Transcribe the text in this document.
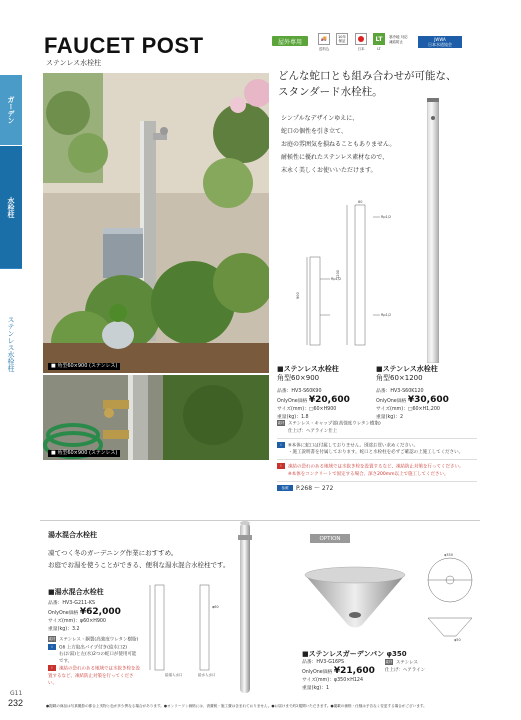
FAUCET POST
ステンレス水栓柱
屋外専用	🚚
送料込
10年
保証
日本
LT
LT
寒冷地 対応
凍結防止	JWWA
日本水道協会
ガーデン
水栓柱
ステンレス水栓柱	■ 角型60×900 (ステンレス)
■ 角型60×900 (ステンレス)
どんな蛇口とも組み合わせが可能な、
スタンダード水栓柱。
シンプルなデザインゆえに、
蛇口の個性を引き立て、
お庭の雰囲気を損ねることもありません。
耐候性に優れたステンレス素材なので、
末永く美しくお使いいただけます。
900
1200
Rp1/2
Rp1/2
Rp1/2
60
■ステンレス水栓柱
角型60×900
品番：HV3-S60K90
OnlyOne価格 ¥20,600
サイズ(mm)：□60×H900
重量(kg)：1.8
■ステンレス水栓柱
角型60×1200
品番：HV3-S60K120
OnlyOne価格 ¥30,600
サイズ(mm)：□60×H1,200
重量(kg)：2
素材 ステンレス・キャップ部(高強度ウレタン樹脂)
仕上げ：ヘアライン仕上
i ※本体に蛇口は付属しておりません。別途お買い求めください。
・施工説明書を付属しております。蛇口と水栓柱を必ずご確認の上施工してください。
! 凍結の恐れのある地域では水抜き栓を設置するなど、凍結防止対策を行ってください。
※本体をコンクリートで固定する場合、深さ200mm以上で施工してください。
参照 P.268 ～ 272
湯水混合水栓柱
凍てつく冬のガーデニング作業におすすめ。
お庭でお湯を使うことができる、便利な湯水混合水栓柱です。
■湯水混合水栓柱
品番：HV3-G211-KS
OnlyOne価格 ¥62,000
サイズ(mm)：φ60×H900
重量(kg)：3.2
素材 ステンレス・銅製(高強度ウレタン樹脂)
i G6 上方取出パイプ付き(給水口2)
右(お湯)と左(水)2つの蛇口が使用可能です。
! 凍結の恐れのある地域では水抜き栓を設置するなど、凍結防止対策を行ってください。
給湯入水口	給水入水口
φ60
OPTION
φ350
φ50
■ステンレスガーデンパン φ350
品番：HV3-G16PS
OnlyOne価格 ¥21,600
サイズ(mm)：φ350×H124
重量(kg)：1
素材 ステンレス
仕上げ：ヘアライン
●掲載の商品は写真撮影の都合上実物と色が多少異なる場合があります。●オンリーワン価格には、消費税・施工費は含まれておりません。●お届けまで約2週間いただきます。●掲載の価格・仕様は予告なく変更する場合がございます。
G11
232
